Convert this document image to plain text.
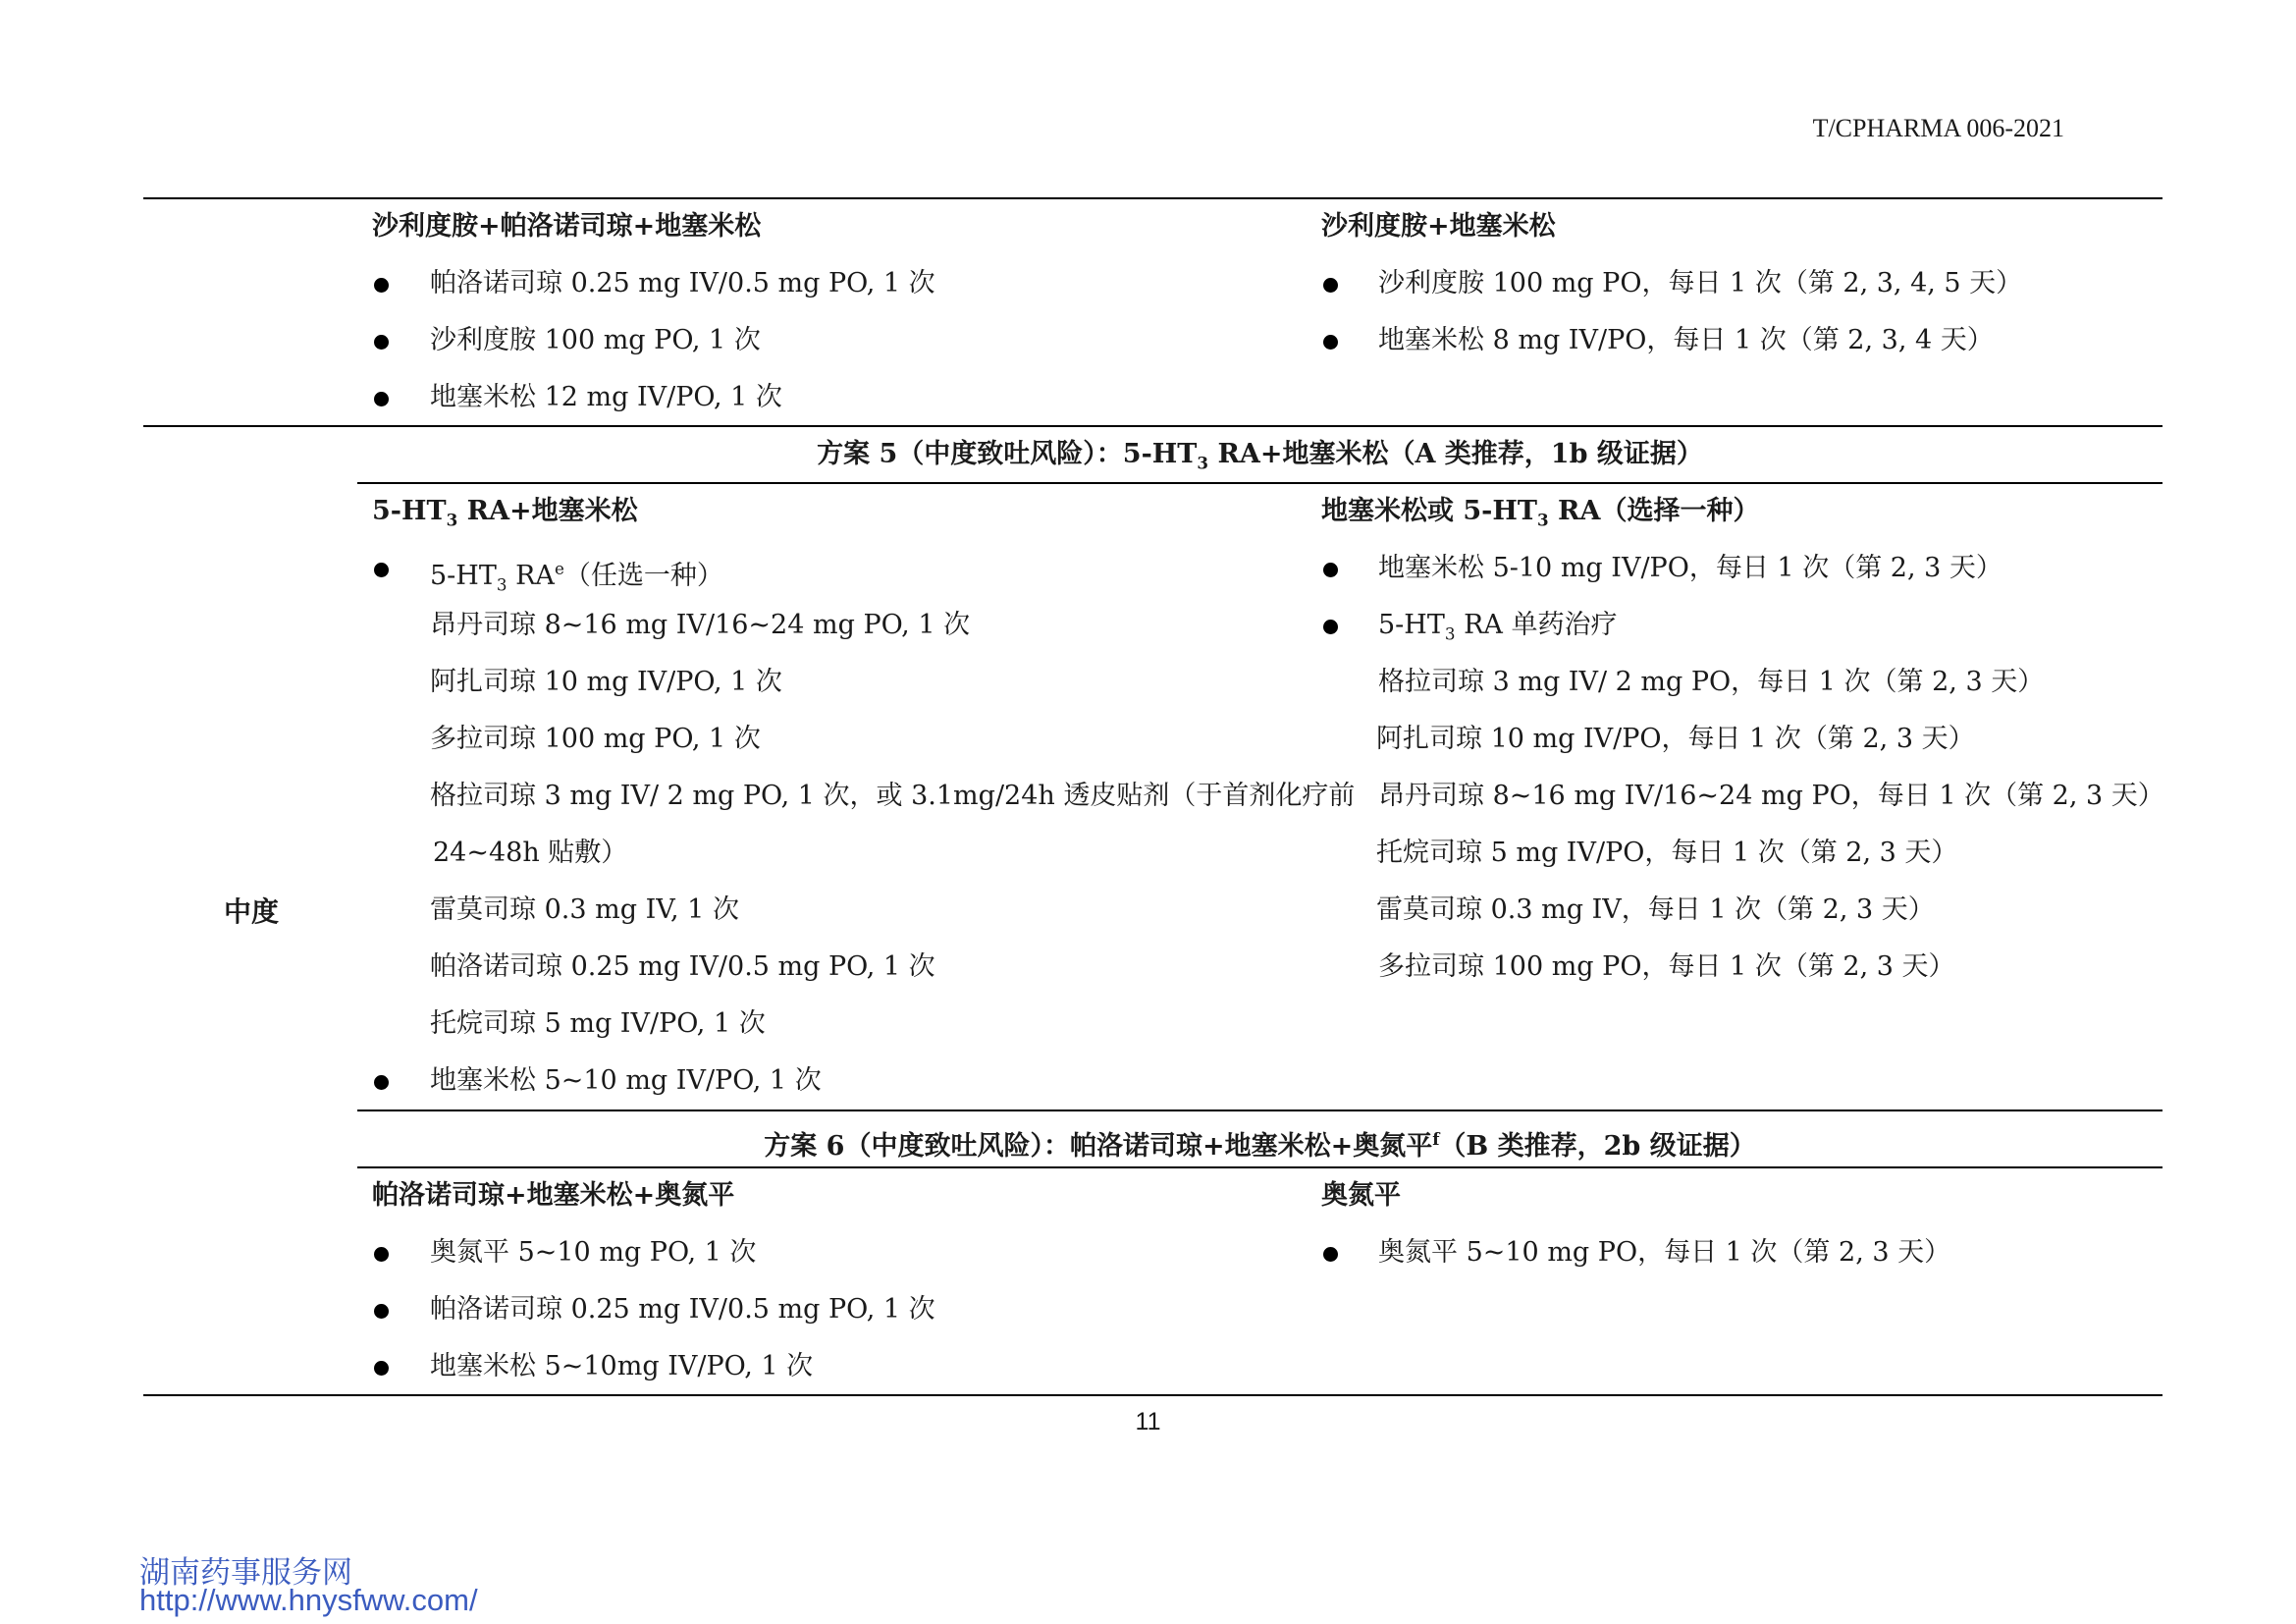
T/CPHARMA 006-2021
沙利度胺+帕洛诺司琼+地塞米松
帕洛诺司琼 0.25 mg IV/0.5 mg PO, 1 次
沙利度胺 100 mg PO, 1 次
地塞米松 12 mg IV/PO, 1 次
沙利度胺+地塞米松
沙利度胺 100 mg PO，每日 1 次（第 2, 3, 4, 5 天）
地塞米松 8 mg IV/PO，每日 1 次（第 2, 3, 4 天）
中度
方案 5（中度致吐风险）：$5-HT_3$ RA+地塞米松（A 类推荐，1b 级证据）
$5-HT_3$ RA+地塞米松
$5-HT_3$ $RA^e$（任选一种）
昂丹司琼 8~16 mg IV/16~24 mg PO, 1 次
阿扎司琼 10 mg IV/PO, 1 次
多拉司琼 100 mg PO, 1 次
格拉司琼 3 mg IV/ 2 mg PO, 1 次，或 3.1mg/24h 透皮贴剂（于首剂化疗前
24~48h 贴敷）
雷莫司琼 0.3 mg IV, 1 次
帕洛诺司琼 0.25 mg IV/0.5 mg PO, 1 次
托烷司琼 5 mg IV/PO, 1 次
地塞米松 5~10 mg IV/PO, 1 次
地塞米松或 $5-HT_3$ RA（选择一种）
地塞米松 5-10 mg IV/PO，每日 1 次（第 2, 3 天）
$5-HT_3$ RA 单药治疗
格拉司琼 3 mg IV/ 2 mg PO，每日 1 次（第 2, 3 天）
阿扎司琼 10 mg IV/PO，每日 1 次（第 2, 3 天）
昂丹司琼 8~16 mg IV/16~24 mg PO，每日 1 次（第 2, 3 天）
托烷司琼 5 mg IV/PO，每日 1 次（第 2, 3 天）
雷莫司琼 0.3 mg IV，每日 1 次（第 2, 3 天）
多拉司琼 100 mg PO，每日 1 次（第 2, 3 天）
方案 6（中度致吐风险）：帕洛诺司琼+地塞米松+奥氮平$^f$（B 类推荐，2b 级证据）
帕洛诺司琼+地塞米松+奥氮平
奥氮平 5~10 mg PO, 1 次
帕洛诺司琼 0.25 mg IV/0.5 mg PO, 1 次
地塞米松 5~10mg IV/PO, 1 次
奥氮平
奥氮平 5~10 mg PO，每日 1 次（第 2, 3 天）
11
湖南药事服务网
http://www.hnysfww.com/
